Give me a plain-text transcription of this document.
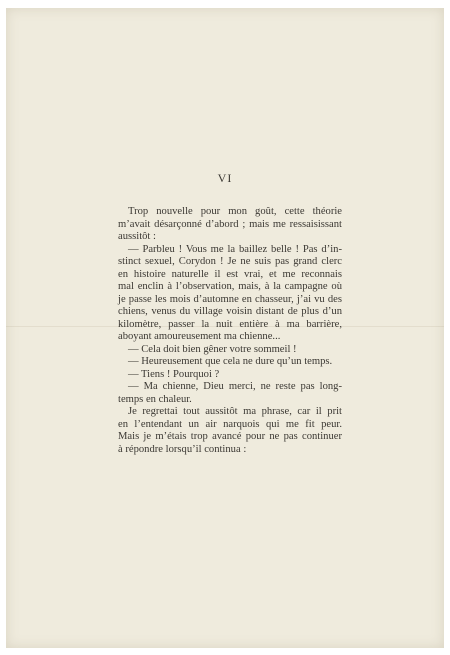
VI
Trop nouvelle pour mon goût, cette théorie
m’avait désarçonné d’abord ; mais me ressaisissant
aussitôt :
— Parbleu ! Vous me la baillez belle ! Pas d’in-
stinct sexuel, Corydon ! Je ne suis pas grand clerc
en histoire naturelle il est vrai, et me reconnais
mal enclin à l’observation, mais, à la campagne où
je passe les mois d’automne en chasseur, j’ai vu des
chiens, venus du village voisin distant de plus d’un
kilomètre, passer la nuit entière à ma barrière,
aboyant amoureusement ma chienne...
— Cela doit bien gêner votre sommeil !
— Heureusement que cela ne dure qu’un temps.
— Tiens ! Pourquoi ?
— Ma chienne, Dieu merci, ne reste pas long-
temps en chaleur.
Je regrettai tout aussitôt ma phrase, car il prit
en l’entendant un air narquois qui me fit peur.
Mais je m’étais trop avancé pour ne pas continuer
à répondre lorsqu’il continua :
